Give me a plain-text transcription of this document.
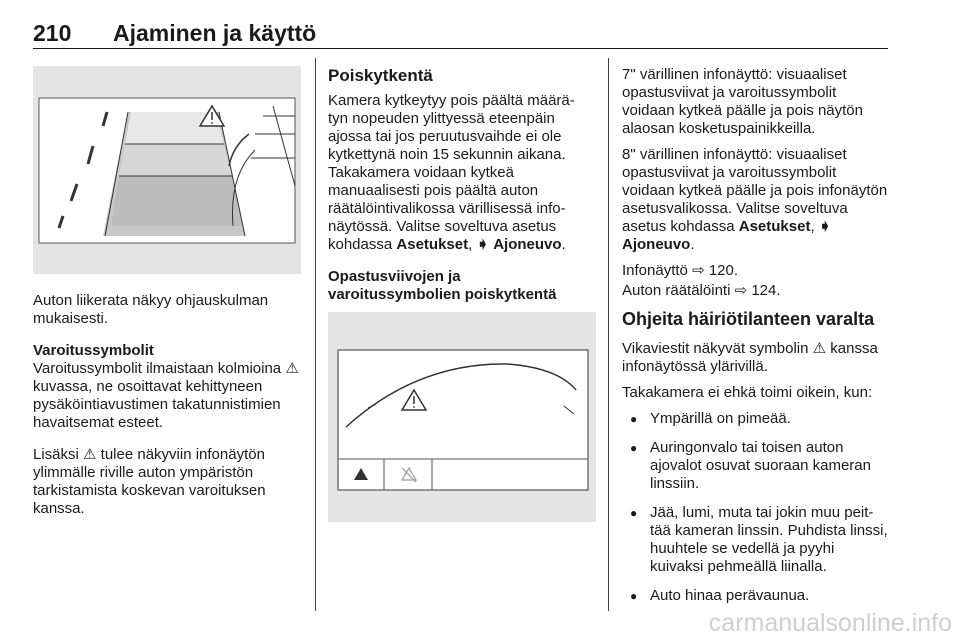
210 Ajaminen ja käyttö

Auton liikerata näkyy ohjauskulman mukaisesti.

Varoitussymbolit
Varoitussymbolit ilmaistaan kolmioina ⚠ kuvassa, ne osoittavat kehittyneen pysäköintiavustimen takatunnistimien havaitsemat esteet.

Lisäksi ⚠ tulee näkyviin infonäytön ylimmälle riville auton ympäristön tarkistamista koskevan varoituksen kanssa.

Poiskytkentä

Kamera kytkeytyy pois päältä määrä- tyn nopeuden ylittyessä eteenpäin ajossa tai jos peruutusvaihde ei ole kytkettynä noin 15 sekunnin aikana. Takakamera voidaan kytkeä manuaalisesti pois päältä auton räätälöintivalikossa värillisessä info- näytössä. Valitse soveltuva asetus kohdassa Asetukset, ➧ Ajoneuvo.

Opastusviivojen ja varoitussymbolien poiskytkentä

7" värillinen infonäyttö: visuaaliset opastusviivat ja varoitussymbolit voidaan kytkeä päälle ja pois näytön alaosan kosketuspainikkeilla.

8" värillinen infonäyttö: visuaaliset opastusviivat ja varoitussymbolit voidaan kytkeä päälle ja pois infonäytön asetusvalikossa. Valitse soveltuva asetus kohdassa Asetukset, ➧ Ajoneuvo.

Infonäyttö ⇨ 120.

Auton räätälöinti ⇨ 124.

Ohjeita häiriötilanteen varalta

Vikaviestit näkyvät symbolin ⚠ kanssa infonäytössä ylärivillä.

Takakamera ei ehkä toimi oikein, kun:

● Ympärillä on pimeää.
● Auringonvalo tai toisen auton ajovalot osuvat suoraan kameran linssiin.
● Jää, lumi, muta tai jokin muu peit- tää kameran linssin. Puhdista linssi, huuhtele se vedellä ja pyyhi kuivaksi pehmeällä liinalla.
● Auto hinaa perävaunua.
carmanualsonline.info
